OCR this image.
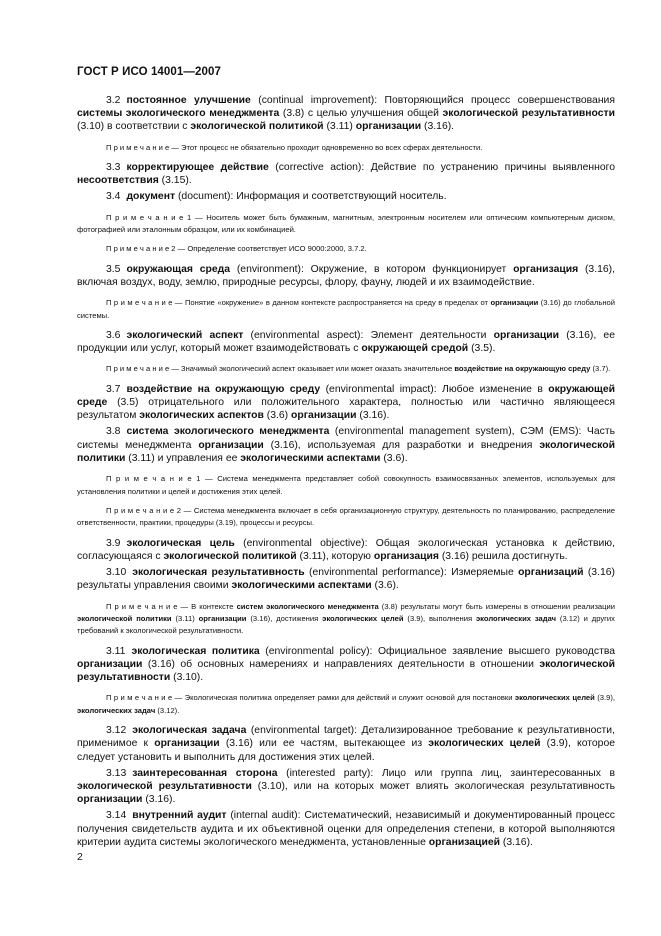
ГОСТ Р ИСО 14001—2007

3.2 постоянное улучшение (continual improvement): Повторяющийся процесс совершенствования системы экологического менеджмента (3.8) с целью улучшения общей экологической результативности (3.10) в соответствии с экологической политикой (3.11) организации (3.16).

П р и м е ч а н и е — Этот процесс не обязательно проходит одновременно во всех сферах деятельности.

3.3 корректирующее действие (corrective action): Действие по устранению причины выявленного несоответствия (3.15).

3.4 документ (document): Информация и соответствующий носитель.

П р и м е ч а н и е 1 — Носитель может быть бумажным, магнитным, электронным носителем или оптическим компьютерным диском, фотографией или эталонным образцом, или их комбинацией.

П р и м е ч а н и е 2 — Определение соответствует ИСО 9000:2000, 3.7.2.

3.5 окружающая среда (environment): Окружение, в котором функционирует организация (3.16), включая воздух, воду, землю, природные ресурсы, флору, фауну, людей и их взаимодействие.

П р и м е ч а н и е — Понятие «окружение» в данном контексте распространяется на среду в пределах от организации (3.16) до глобальной системы.

3.6 экологический аспект (environmental aspect): Элемент деятельности организации (3.16), ее продукции или услуг, который может взаимодействовать с окружающей средой (3.5).

П р и м е ч а н и е — Значимый экологический аспект оказывает или может оказать значительное воздействие на окружающую среду (3.7).

3.7 воздействие на окружающую среду (environmental impact): Любое изменение в окружающей среде (3.5) отрицательного или положительного характера, полностью или частично являющееся результатом экологических аспектов (3.6) организации (3.16).

3.8 система экологического менеджмента (environmental management system), СЭМ (EMS): Часть системы менеджмента организации (3.16), используемая для разработки и внедрения экологической политики (3.11) и управления ее экологическими аспектами (3.6).

П р и м е ч а н и е 1 — Система менеджмента представляет собой совокупность взаимосвязанных элементов, используемых для установления политики и целей и достижения этих целей.

П р и м е ч а н и е 2 — Система менеджмента включает в себя организационную структуру, деятельность по планированию, распределение ответственности, практики, процедуры (3.19), процессы и ресурсы.

3.9 экологическая цель (environmental objective): Общая экологическая установка к действию, согласующаяся с экологической политикой (3.11), которую организация (3.16) решила достигнуть.

3.10 экологическая результативность (environmental performance): Измеряемые организаций (3.16) результаты управления своими экологическими аспектами (3.6).

П р и м е ч а н и е — В контексте систем экологического менеджмента (3.8) результаты могут быть измерены в отношении реализации экологической политики (3.11) организации (3.16), достижения экологических целей (3.9), выполнения экологических задач (3.12) и других требований к экологической результативности.

3.11 экологическая политика (environmental policy): Официальное заявление высшего руководства организации (3.16) об основных намерениях и направлениях деятельности в отношении экологической результативности (3.10).

П р и м е ч а н и е — Экологическая политика определяет рамки для действий и служит основой для постановки экологических целей (3.9), экологических задач (3.12).

3.12 экологическая задача (environmental target): Детализированное требование к результативности, применимое к организации (3.16) или ее частям, вытекающее из экологических целей (3.9), которое следует установить и выполнить для достижения этих целей.

3.13 заинтересованная сторона (interested party): Лицо или группа лиц, заинтересованных в экологической результативности (3.10), или на которых может влиять экологическая результативность организации (3.16).

3.14 внутренний аудит (internal audit): Систематический, независимый и документированный процесс получения свидетельств аудита и их объективной оценки для определения степени, в которой выполняются критерии аудита системы экологического менеджмента, установленные организацией (3.16).

2
